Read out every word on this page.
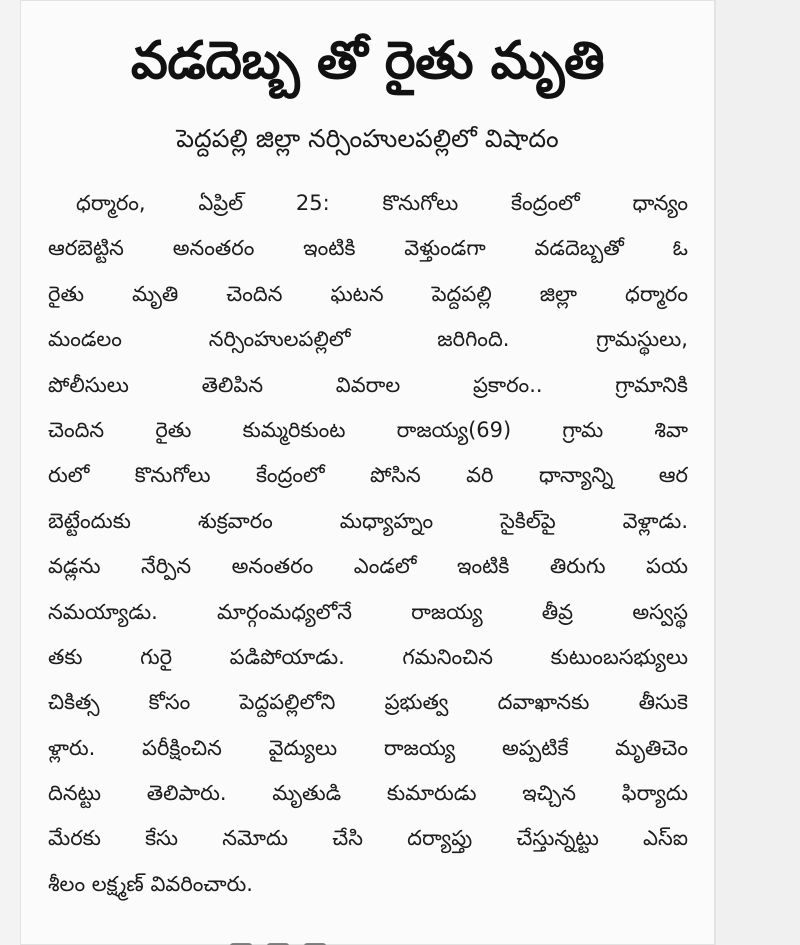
వడదెబ్బ తో రైతు మృతి
పెద్దపల్లి జిల్లా నర్సింహులపల్లిలో విషాదం
ధర్మారం, ఏప్రిల్ 25: కొనుగోలు కేంద్రంలో ధాన్యం
ఆరబెట్టిన అనంతరం ఇంటికి వెళ్తుండగా వడదెబ్బతో ఓ
రైతు మృతి చెందిన ఘటన పెద్దపల్లి జిల్లా ధర్మారం
మండలం నర్సింహులపల్లిలో జరిగింది. గ్రామస్థులు,
పోలీసులు తెలిపిన వివరాల ప్రకారం.. గ్రామానికి
చెందిన రైతు కుమ్మరికుంట రాజయ్య(69) గ్రామ శివా
రులో కొనుగోలు కేంద్రంలో పోసిన వరి ధాన్యాన్ని ఆర
బెట్టేందుకు శుక్రవారం మధ్యాహ్నం సైకిల్‌పై వెళ్లాడు.
వడ్లను నేర్పిన అనంతరం ఎండలో ఇంటికి తిరుగు పయ
నమయ్యాడు. మార్గంమధ్యలోనే రాజయ్య తీవ్ర అస్వస్థ
తకు గురై పడిపోయాడు. గమనించిన కుటుంబసభ్యులు
చికిత్స కోసం పెద్దపల్లిలోని ప్రభుత్వ దవాఖానకు తీసుకె
ళ్లారు. పరీక్షించిన వైద్యులు రాజయ్య అప్పటికే మృతిచెం
దినట్టు తెలిపారు. మృతుడి కుమారుడు ఇచ్చిన ఫిర్యాదు
మేరకు కేసు నమోదు చేసి దర్యాప్తు చేస్తున్నట్టు ఎస్ఐ
శీలం లక్ష్మణ్ వివరించారు.
